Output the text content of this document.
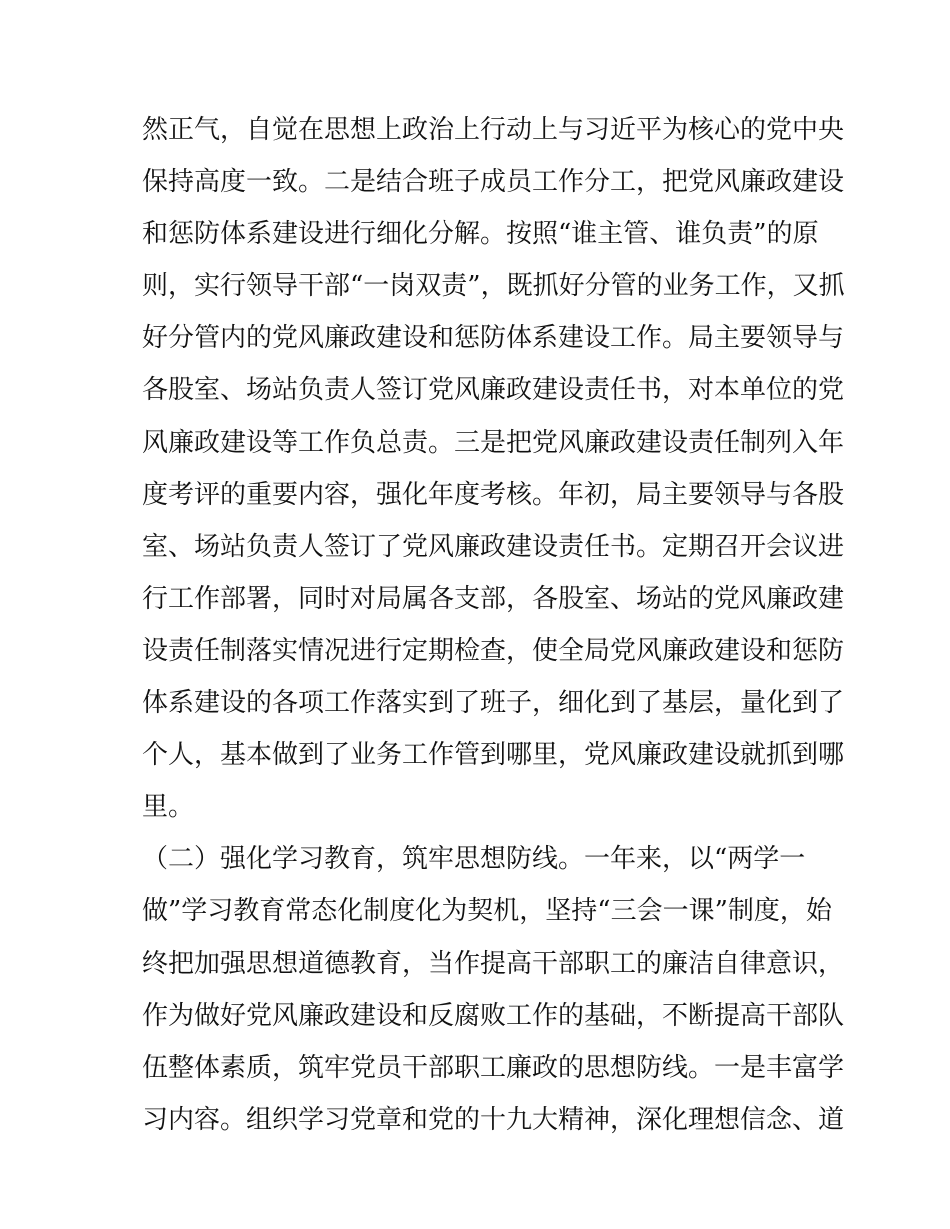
然正气，自觉在思想上政治上行动上与习近平为核心的党中央
保持高度一致。二是结合班子成员工作分工，把党风廉政建设
和惩防体系建设进行细化分解。按照“谁主管、谁负责”的原
则，实行领导干部“一岗双责”，既抓好分管的业务工作，又抓
好分管内的党风廉政建设和惩防体系建设工作。局主要领导与
各股室、场站负责人签订党风廉政建设责任书，对本单位的党
风廉政建设等工作负总责。三是把党风廉政建设责任制列入年
度考评的重要内容，强化年度考核。年初，局主要领导与各股
室、场站负责人签订了党风廉政建设责任书。定期召开会议进
行工作部署，同时对局属各支部，各股室、场站的党风廉政建
设责任制落实情况进行定期检查，使全局党风廉政建设和惩防
体系建设的各项工作落实到了班子，细化到了基层，量化到了
个人，基本做到了业务工作管到哪里，党风廉政建设就抓到哪
里。
（二）强化学习教育，筑牢思想防线。一年来，以“两学一
做”学习教育常态化制度化为契机，坚持“三会一课”制度，始
终把加强思想道德教育，当作提高干部职工的廉洁自律意识，
作为做好党风廉政建设和反腐败工作的基础，不断提高干部队
伍整体素质，筑牢党员干部职工廉政的思想防线。一是丰富学
习内容。组织学习党章和党的十九大精神，深化理想信念、道
